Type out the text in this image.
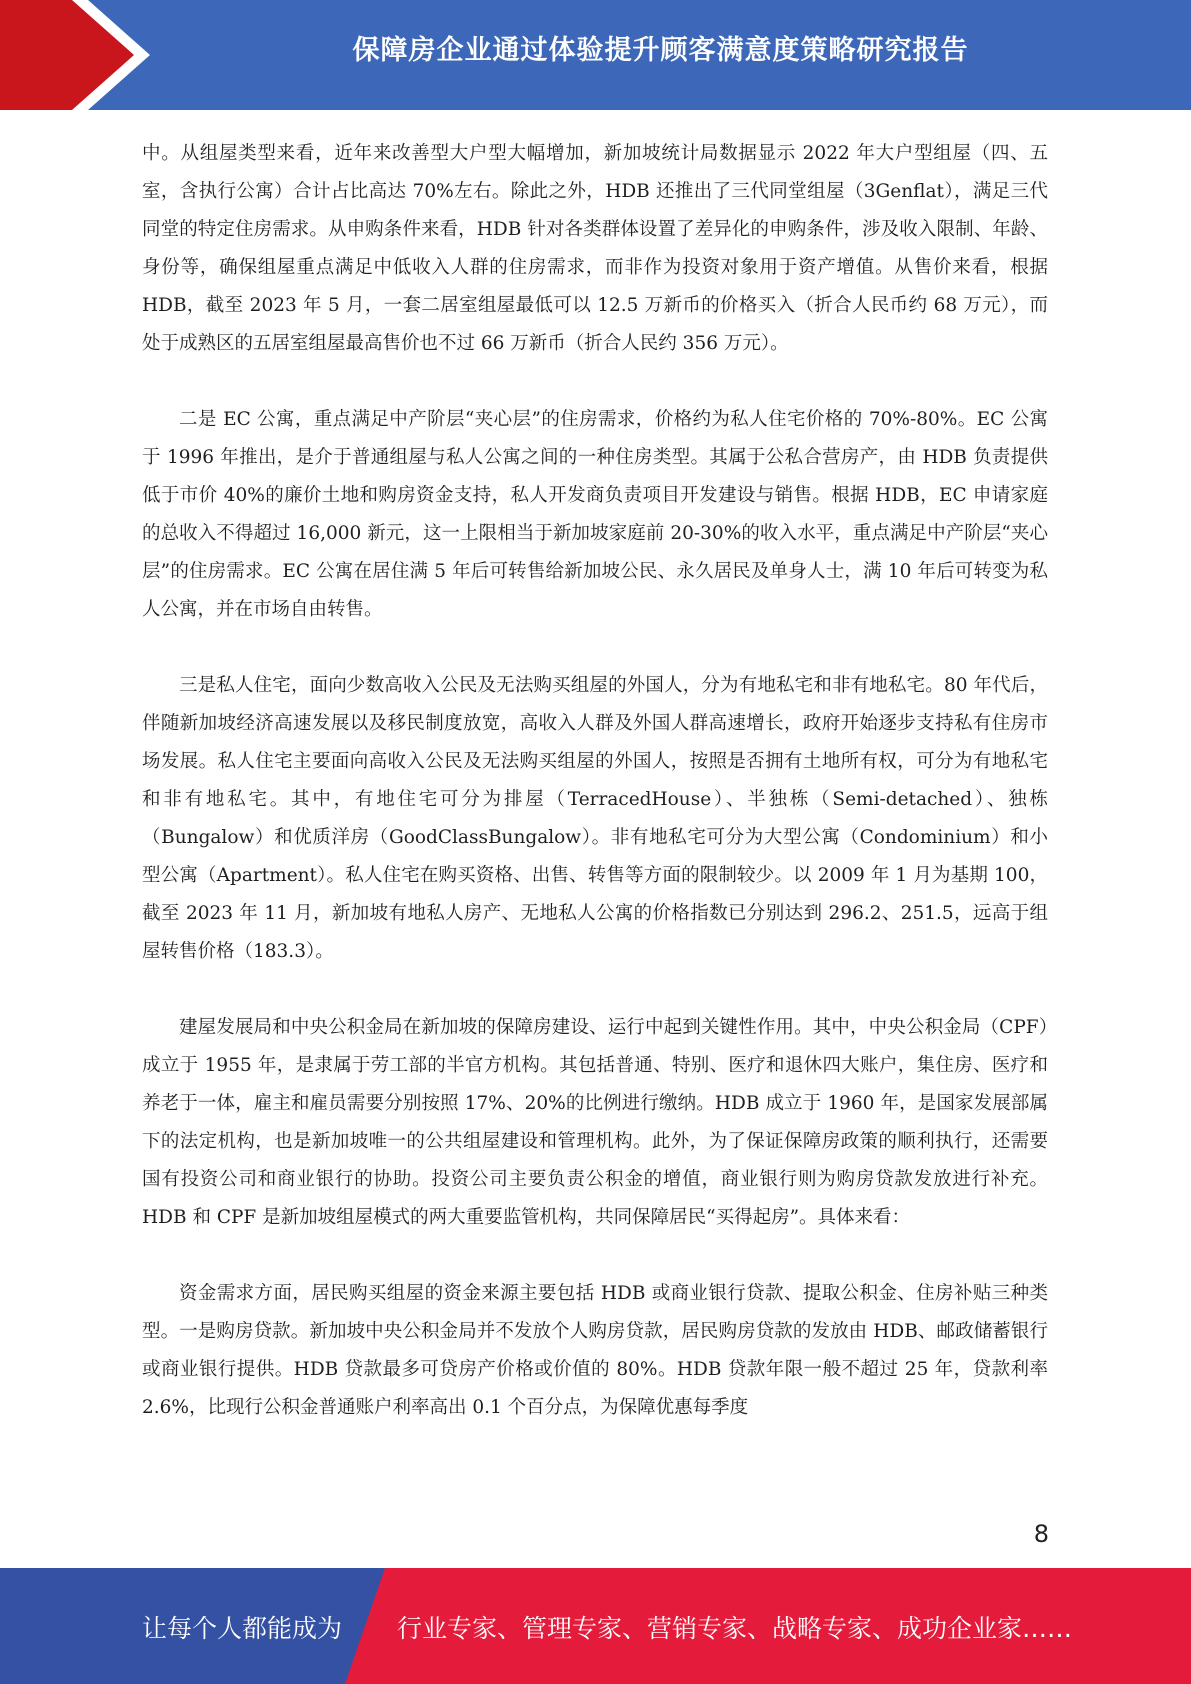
保障房企业通过体验提升顾客满意度策略研究报告

中。从组屋类型来看，近年来改善型大户型大幅增加，新加坡统计局数据显示 2022 年大户型组屋（四、五室，含执行公寓）合计占比高达 70%左右。除此之外，HDB 还推出了三代同堂组屋（3Genflat），满足三代同堂的特定住房需求。从申购条件来看，HDB 针对各类群体设置了差异化的申购条件，涉及收入限制、年龄、身份等，确保组屋重点满足中低收入人群的住房需求，而非作为投资对象用于资产增值。从售价来看，根据 HDB，截至 2023 年 5 月，一套二居室组屋最低可以 12.5 万新币的价格买入（折合人民币约 68 万元），而处于成熟区的五居室组屋最高售价也不过 66 万新币（折合人民约 356 万元）。

二是 EC 公寓，重点满足中产阶层“夹心层”的住房需求，价格约为私人住宅价格的 70%-80%。EC 公寓于 1996 年推出，是介于普通组屋与私人公寓之间的一种住房类型。其属于公私合营房产，由 HDB 负责提供低于市价 40%的廉价土地和购房资金支持，私人开发商负责项目开发建设与销售。根据 HDB，EC 申请家庭的总收入不得超过 16,000 新元，这一上限相当于新加坡家庭前 20-30%的收入水平，重点满足中产阶层“夹心层”的住房需求。EC 公寓在居住满 5 年后可转售给新加坡公民、永久居民及单身人士，满 10 年后可转变为私人公寓，并在市场自由转售。

三是私人住宅，面向少数高收入公民及无法购买组屋的外国人，分为有地私宅和非有地私宅。80 年代后，伴随新加坡经济高速发展以及移民制度放宽，高收入人群及外国人群高速增长，政府开始逐步支持私有住房市场发展。私人住宅主要面向高收入公民及无法购买组屋的外国人，按照是否拥有土地所有权，可分为有地私宅和非有地私宅。其中，有地住宅可分为排屋（TerracedHouse）、半独栋（Semi-detached）、独栋（Bungalow）和优质洋房（GoodClassBungalow）。非有地私宅可分为大型公寓（Condominium）和小型公寓（Apartment）。私人住宅在购买资格、出售、转售等方面的限制较少。以 2009 年 1 月为基期 100，截至 2023 年 11 月，新加坡有地私人房产、无地私人公寓的价格指数已分别达到 296.2、251.5，远高于组屋转售价格（183.3）。

建屋发展局和中央公积金局在新加坡的保障房建设、运行中起到关键性作用。其中，中央公积金局（CPF）成立于 1955 年，是隶属于劳工部的半官方机构。其包括普通、特别、医疗和退休四大账户，集住房、医疗和养老于一体，雇主和雇员需要分别按照 17%、20%的比例进行缴纳。HDB 成立于 1960 年，是国家发展部属下的法定机构，也是新加坡唯一的公共组屋建设和管理机构。此外，为了保证保障房政策的顺利执行，还需要国有投资公司和商业银行的协助。投资公司主要负责公积金的增值，商业银行则为购房贷款发放进行补充。HDB 和 CPF 是新加坡组屋模式的两大重要监管机构，共同保障居民“买得起房”。具体来看：

资金需求方面，居民购买组屋的资金来源主要包括 HDB 或商业银行贷款、提取公积金、住房补贴三种类型。一是购房贷款。新加坡中央公积金局并不发放个人购房贷款，居民购房贷款的发放由 HDB、邮政储蓄银行或商业银行提供。HDB 贷款最多可贷房产价格或价值的 80%。HDB 贷款年限一般不超过 25 年，贷款利率 2.6%，比现行公积金普通账户利率高出 0.1 个百分点，为保障优惠每季度

8
让每个人都能成为 行业专家、管理专家、营销专家、战略专家、成功企业家……
